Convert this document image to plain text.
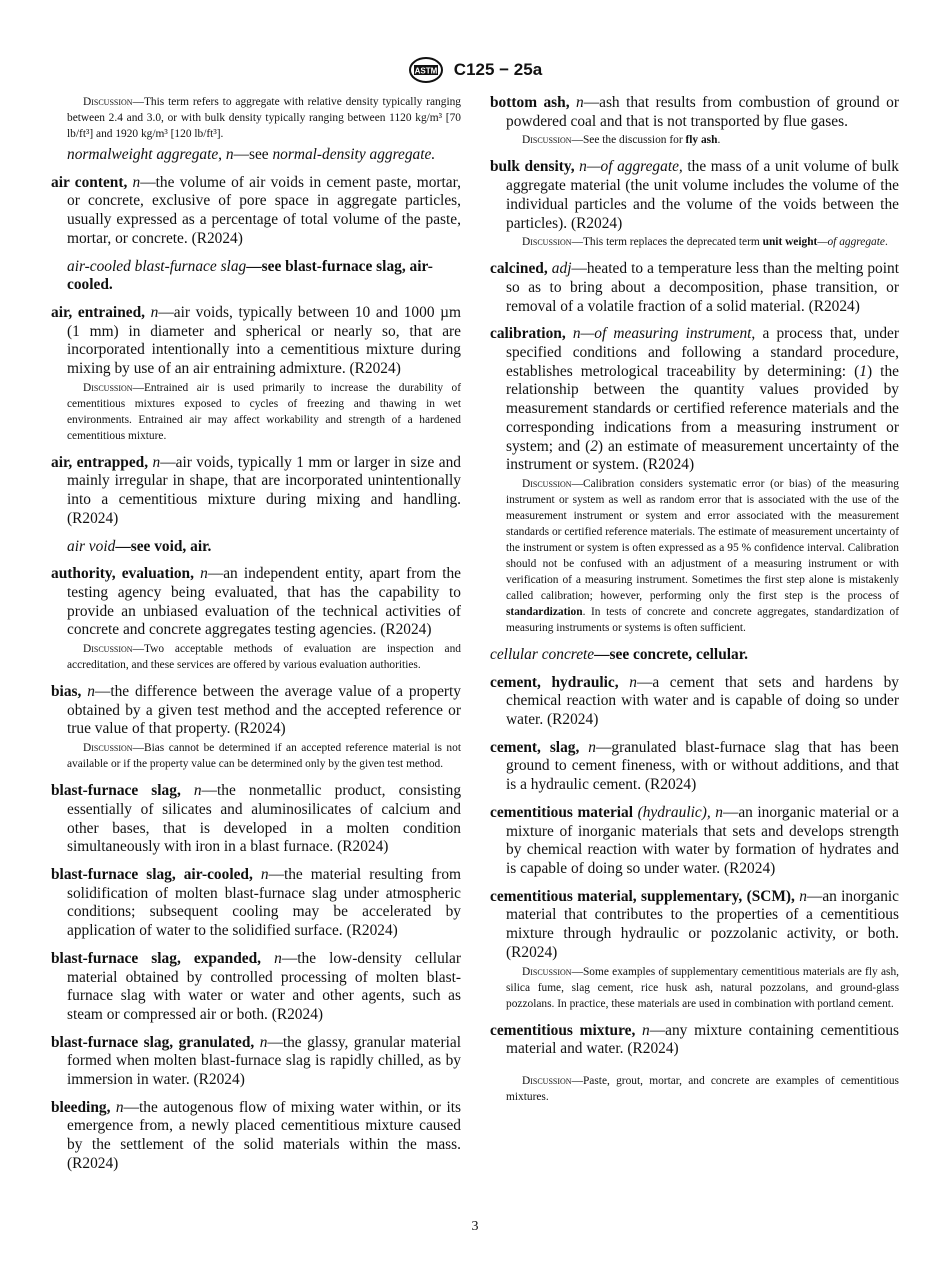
ASTM C125 − 25a

Discussion—This term refers to aggregate with relative density typically ranging between 2.4 and 3.0, or with bulk density typically ranging between 1120 kg/m³ [70 lb/ft³] and 1920 kg/m³ [120 lb/ft³].

normalweight aggregate, n—see normal-density aggregate.

air content, n—the volume of air voids in cement paste, mortar, or concrete, exclusive of pore space in aggregate particles, usually expressed as a percentage of total volume of the paste, mortar, or concrete. (R2024)

air-cooled blast-furnace slag—see blast-furnace slag, air-cooled.

air, entrained, n—air voids, typically between 10 and 1000 µm (1 mm) in diameter and spherical or nearly so, that are incorporated intentionally into a cementitious mixture during mixing by use of an air entraining admixture. (R2024)

Discussion—Entrained air is used primarily to increase the durability of cementitious mixtures exposed to cycles of freezing and thawing in wet environments. Entrained air may affect workability and strength of a hardened cementitious mixture.

air, entrapped, n—air voids, typically 1 mm or larger in size and mainly irregular in shape, that are incorporated unintentionally into a cementitious mixture during mixing and handling. (R2024)

air void—see void, air.

authority, evaluation, n—an independent entity, apart from the testing agency being evaluated, that has the capability to provide an unbiased evaluation of the technical activities of concrete and concrete aggregates testing agencies. (R2024)

Discussion—Two acceptable methods of evaluation are inspection and accreditation, and these services are offered by various evaluation authorities.

bias, n—the difference between the average value of a property obtained by a given test method and the accepted reference or true value of that property. (R2024)

Discussion—Bias cannot be determined if an accepted reference material is not available or if the property value can be determined only by the given test method.

blast-furnace slag, n—the nonmetallic product, consisting essentially of silicates and aluminosilicates of calcium and other bases, that is developed in a molten condition simultaneously with iron in a blast furnace. (R2024)

blast-furnace slag, air-cooled, n—the material resulting from solidification of molten blast-furnace slag under atmospheric conditions; subsequent cooling may be accelerated by application of water to the solidified surface. (R2024)

blast-furnace slag, expanded, n—the low-density cellular material obtained by controlled processing of molten blast-furnace slag with water or water and other agents, such as steam or compressed air or both. (R2024)

blast-furnace slag, granulated, n—the glassy, granular material formed when molten blast-furnace slag is rapidly chilled, as by immersion in water. (R2024)

bleeding, n—the autogenous flow of mixing water within, or its emergence from, a newly placed cementitious mixture caused by the settlement of the solid materials within the mass. (R2024)

bottom ash, n—ash that results from combustion of ground or powdered coal and that is not transported by flue gases.

Discussion—See the discussion for fly ash.

bulk density, n—of aggregate, the mass of a unit volume of bulk aggregate material (the unit volume includes the volume of the individual particles and the volume of the voids between the particles). (R2024)

Discussion—This term replaces the deprecated term unit weight—of aggregate.

calcined, adj—heated to a temperature less than the melting point so as to bring about a decomposition, phase transition, or removal of a volatile fraction of a solid material. (R2024)

calibration, n—of measuring instrument, a process that, under specified conditions and following a standard procedure, establishes metrological traceability by determining: (1) the relationship between the quantity values provided by measurement standards or certified reference materials and the corresponding indications from a measuring instrument or system; and (2) an estimate of measurement uncertainty of the instrument or system. (R2024)

Discussion—Calibration considers systematic error (or bias) of the measuring instrument or system as well as random error that is associated with the use of the measurement instrument or system and error associated with the measurement standards or certified reference materials. The estimate of measurement uncertainty of the instrument or system is often expressed as a 95 % confidence interval. Calibration should not be confused with an adjustment of a measuring instrument or with verification of a measuring instrument. Sometimes the first step alone is mistakenly called calibration; however, performing only the first step is the process of standardization. In tests of concrete and concrete aggregates, standardization of measuring instruments or systems is often sufficient.

cellular concrete—see concrete, cellular.

cement, hydraulic, n—a cement that sets and hardens by chemical reaction with water and is capable of doing so under water. (R2024)

cement, slag, n—granulated blast-furnace slag that has been ground to cement fineness, with or without additions, and that is a hydraulic cement. (R2024)

cementitious material (hydraulic), n—an inorganic material or a mixture of inorganic materials that sets and develops strength by chemical reaction with water by formation of hydrates and is capable of doing so under water. (R2024)

cementitious material, supplementary, (SCM), n—an inorganic material that contributes to the properties of a cementitious mixture through hydraulic or pozzolanic activity, or both. (R2024)

Discussion—Some examples of supplementary cementitious materials are fly ash, silica fume, slag cement, rice husk ash, natural pozzolans, and ground-glass pozzolans. In practice, these materials are used in combination with portland cement.

cementitious mixture, n—any mixture containing cementitious material and water. (R2024)

Discussion—Paste, grout, mortar, and concrete are examples of cementitious mixtures.

3
